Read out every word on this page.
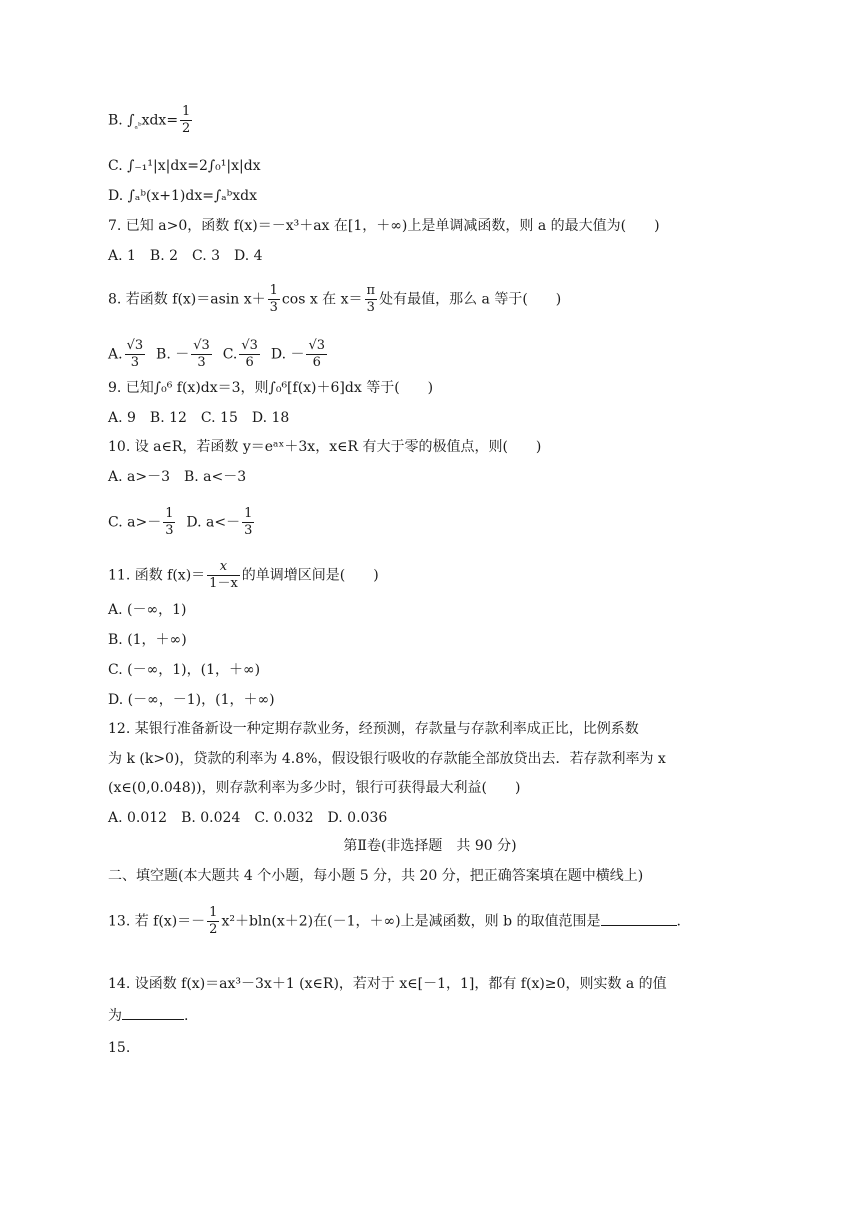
B. $\int_{_aᵇ}xdx= \frac{1}{2}$
C. ∫₋₁¹|x|dx=2∫₀¹|x|dx
D. ∫ₐᵇ(x+1)dx=∫ₐᵇxdx
7. 已知 a>0，函数 f(x)＝－x³＋ax 在[1，＋∞)上是单调减函数，则 a 的最大值为(　　)
A. 1　B. 2　C. 3　D. 4
8. 若函数 f(x)＝asin $x+ \frac{1}{3}$ cos x 在 $x= \frac{\pi}{3}$ 处有最值，那么 a 等于(　　)
A. $\frac{√3}{3} B$. － $\frac{√3}{3} C$. $\frac{√3}{6} D$. － $\frac{√3}{6}$
9. 已知∫₀⁶ f(x)dx＝3，则∫₀⁶[f(x)＋6]dx 等于(　　)
A. 9　B. 12　C. 15　D. 18
10. 设 a∈R，若函数 y＝eᵃˣ＋3x，x∈R 有大于零的极值点，则(　　)
A. a>－3　B. a<－3
C. $a>- \frac{1}{3} D$. $a<- \frac{1}{3}$
11. 函数 $f(x)= \frac{x}{1-x}$ 的单调增区间是(　　)
A. (－∞，1)
B. (1，＋∞)
C. (－∞，1)，(1，＋∞)
D. (－∞，－1)，(1，＋∞)
12. 某银行准备新设一种定期存款业务，经预测，存款量与存款利率成正比，比例系数
为 k (k>0)，贷款的利率为 4.8%，假设银行吸收的存款能全部放贷出去．若存款利率为 x
(x∈(0,0.048))，则存款利率为多少时，银行可获得最大利益(　　)
A. 0.012　B. 0.024　C. 0.032　D. 0.036
第Ⅱ卷(非选择题　共 90 分)
二、填空题(本大题共 4 个小题，每小题 5 分，共 20 分，把正确答案填在题中横线上)
13. 若 $f(x)=- \frac{1}{2} x^2+bln(x+2)$在(－1，＋∞)上是减函数，则 b 的取值范围是	.
14. 设函数 f(x)＝ax³－3x＋1 (x∈R)，若对于 x∈[－1，1]，都有 f(x)≥0，则实数 a 的值
为	.
15.
